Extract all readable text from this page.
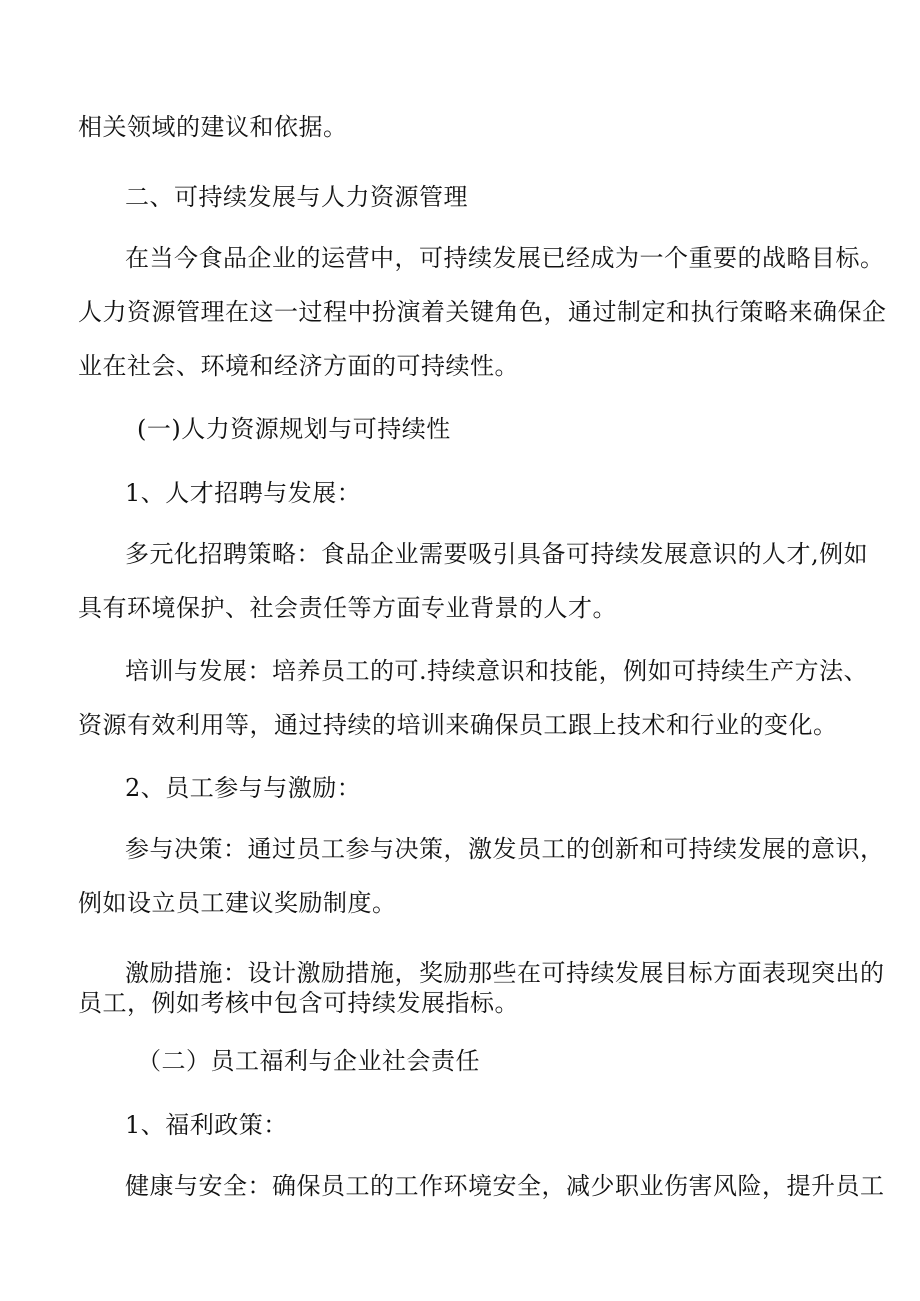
相关领域的建议和依据。
二、可持续发展与人力资源管理
在当今食品企业的运营中，可持续发展已经成为一个重要的战略目标。
人力资源管理在这一过程中扮演着关键角色，通过制定和执行策略来确保企
业在社会、环境和经济方面的可持续性。
(一)人力资源规划与可持续性
1、人才招聘与发展：
多元化招聘策略：食品企业需要吸引具备可持续发展意识的人才,例如
具有环境保护、社会责任等方面专业背景的人才。
培训与发展：培养员工的可.持续意识和技能，例如可持续生产方法、
资源有效利用等，通过持续的培训来确保员工跟上技术和行业的变化。
2、员工参与与激励：
参与决策：通过员工参与决策，激发员工的创新和可持续发展的意识，
例如设立员工建议奖励制度。
激励措施：设计激励措施，奖励那些在可持续发展目标方面表现突出的
员工，例如考核中包含可持续发展指标。
（二）员工福利与企业社会责任
1、福利政策：
健康与安全：确保员工的工作环境安全，减少职业伤害风险，提升员工
